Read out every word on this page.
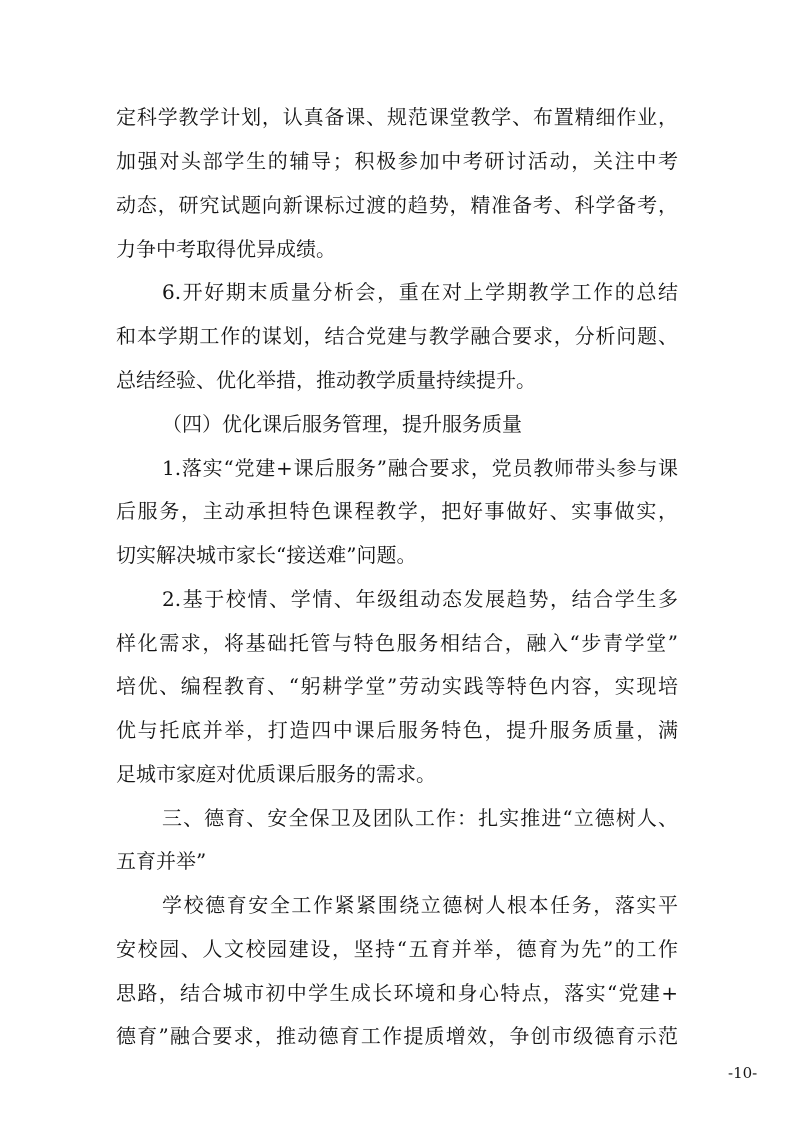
定科学教学计划，认真备课、规范课堂教学、布置精细作业，
加强对头部学生的辅导；积极参加中考研讨活动，关注中考
动态，研究试题向新课标过渡的趋势，精准备考、科学备考，
力争中考取得优异成绩。
6.开好期末质量分析会，重在对上学期教学工作的总结
和本学期工作的谋划，结合党建与教学融合要求，分析问题、
总结经验、优化举措，推动教学质量持续提升。
（四）优化课后服务管理，提升服务质量
1.落实“党建+课后服务”融合要求，党员教师带头参与课
后服务，主动承担特色课程教学，把好事做好、实事做实，
切实解决城市家长“接送难”问题。
2.基于校情、学情、年级组动态发展趋势，结合学生多
样化需求，将基础托管与特色服务相结合，融入“步青学堂”
培优、编程教育、“躬耕学堂”劳动实践等特色内容，实现培
优与托底并举，打造四中课后服务特色，提升服务质量，满
足城市家庭对优质课后服务的需求。
三、德育、安全保卫及团队工作：扎实推进“立德树人、
五育并举”
学校德育安全工作紧紧围绕立德树人根本任务，落实平
安校园、人文校园建设，坚持“五育并举，德育为先”的工作
思路，结合城市初中学生成长环境和身心特点，落实“党建+
德育”融合要求，推动德育工作提质增效，争创市级德育示范
-10-
